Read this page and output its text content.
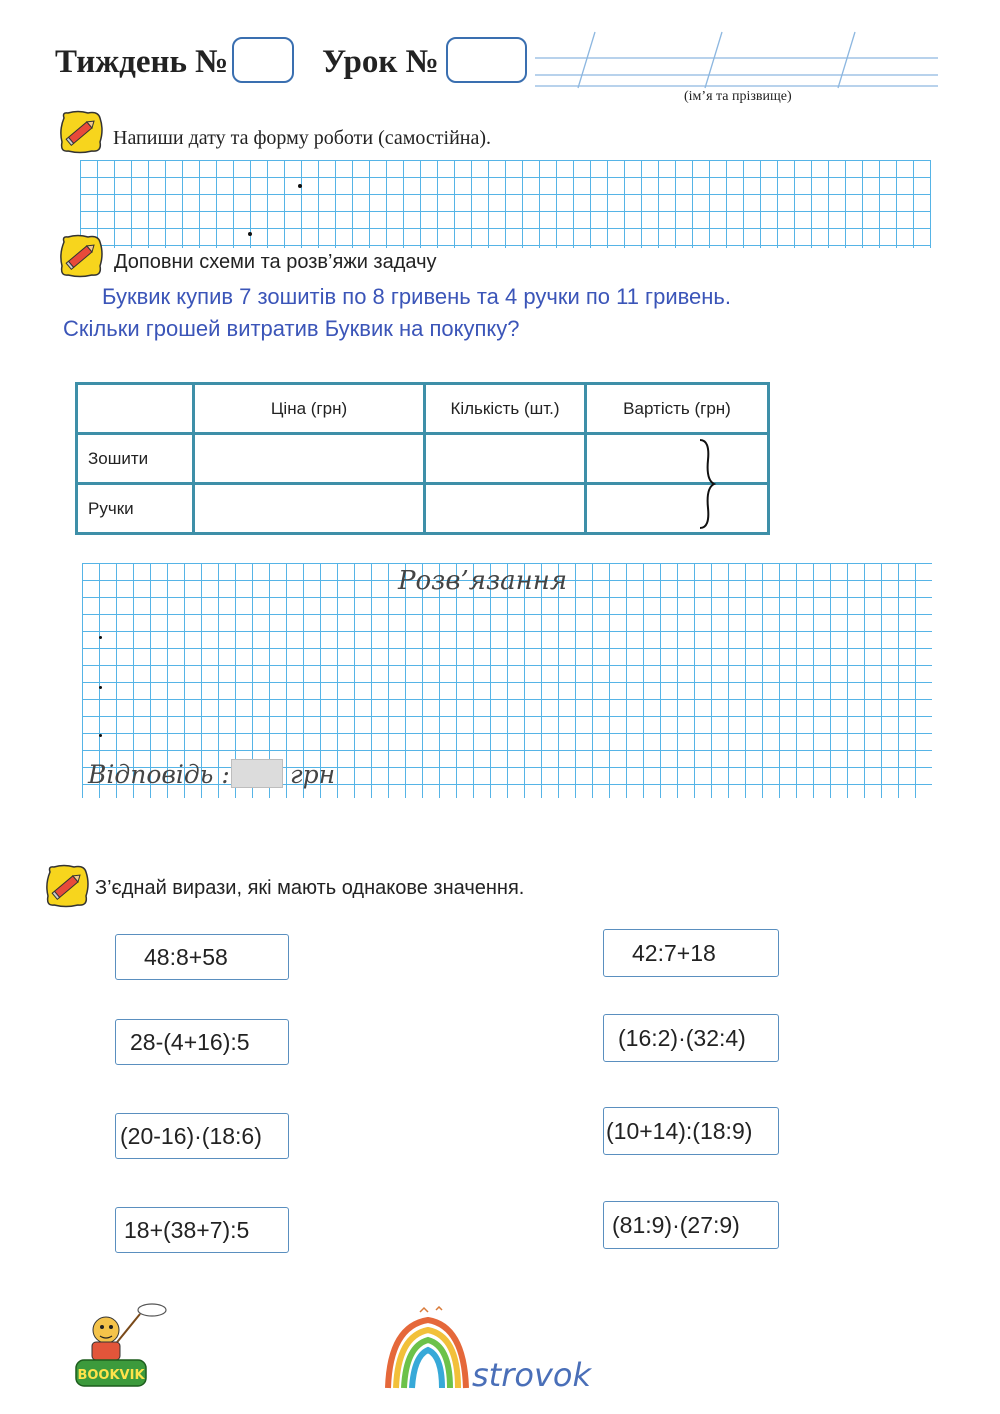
Тиждень №	Урок №
(ім’я та прізвище)
Напиши дату та форму роботи (самостійна).
Доповни схеми та розв’яжи задачу
Буквик купив 7 зошитів по 8 гривень та 4 ручки по 11 гривень.
Скільки грошей витратив Буквик на покупку?
	Ціна (грн)	Кількість (шт.)	Вартість (грн)
Зошити			
Ручки			
Розв’язання
Відповідь : грн
З’єднай вирази, які мають однакове значення.
48:8+58
28-(4+16):5
(20-16)·(18:6)
18+(38+7):5
42:7+18
(16:2)·(32:4)
(10+14):(18:9)
(81:9)·(27:9)
BOOKVIK	strovok
